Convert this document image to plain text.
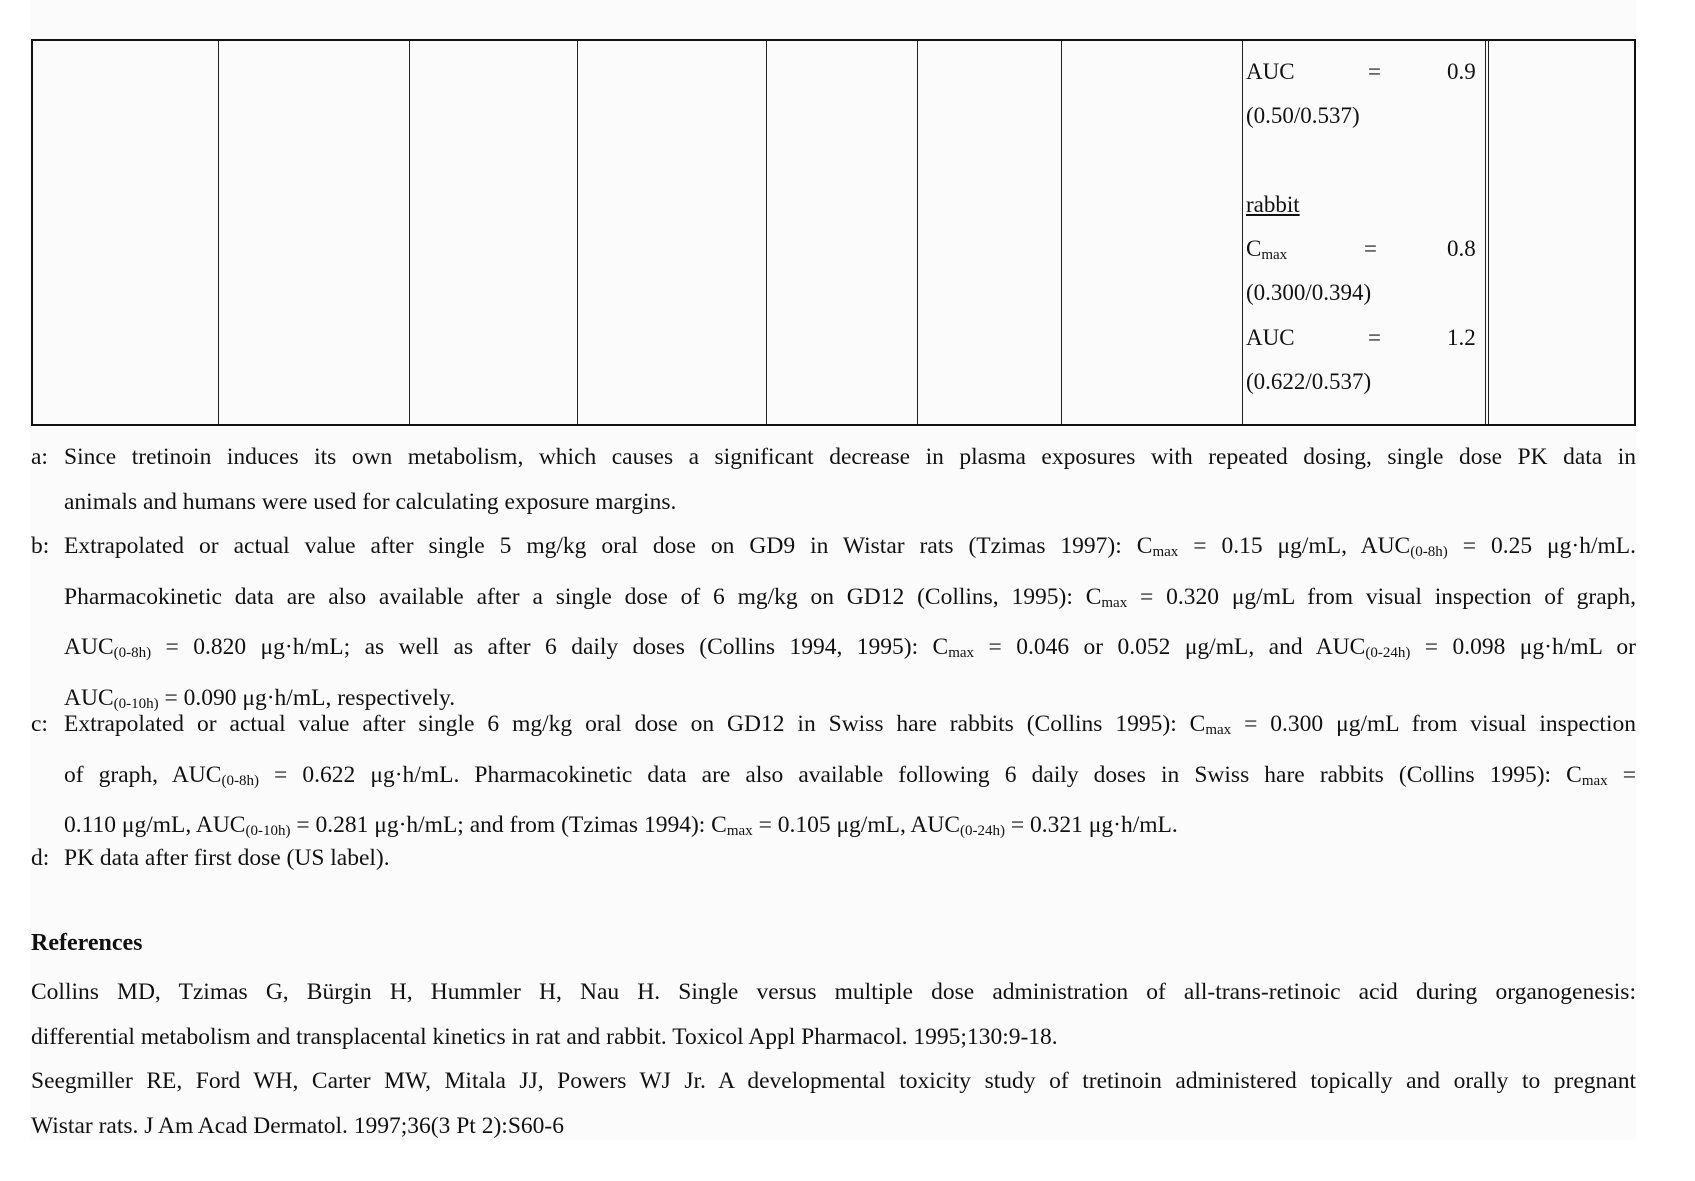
AUC	=	0.9
(0.50/0.537)
rabbit
$C_{max}$	=	0.8
(0.300/0.394)
AUC	=	1.2
(0.622/0.537)
a: Since tretinoin induces its own metabolism, which causes a significant decrease in plasma exposures with repeated dosing, single dose PK data in
animals and humans were used for calculating exposure margins.
b: Extrapolated or actual value after single 5 mg/kg oral dose on GD9 in Wistar rats (Tzimas 1997): $C_{max} = 0.15$ μg/mL, $AUC_{(0-8h)} = 0.25$ μg·h/mL.
Pharmacokinetic data are also available after a single dose of 6 mg/kg on GD12 (Collins, 1995): $C_{max} = 0.320$ μg/mL from visual inspection of graph,
$AUC_{(0-8h)} = 0.820$ μg·h/mL; as well as after 6 daily doses (Collins 1994, 1995): $C_{max} = 0.046$ or 0.052 μg/mL, and $AUC_{(0-24h)} = 0.098$ μg·h/mL or
$AUC_{(0-10h)} = 0.090$ μg·h/mL, respectively.
c: Extrapolated or actual value after single 6 mg/kg oral dose on GD12 in Swiss hare rabbits (Collins 1995): $C_{max} = 0.300$ μg/mL from visual inspection
of graph, $AUC_{(0-8h)} = 0.622$ μg·h/mL. Pharmacokinetic data are also available following 6 daily doses in Swiss hare rabbits (Collins 1995): $C_{max}$ =
0.110 μg/mL, $AUC_{(0-10h)} = 0.281$ μg·h/mL; and from (Tzimas 1994): $C_{max} = 0.105$ μg/mL, $AUC_{(0-24h)} = 0.321$ μg·h/mL.
d: PK data after first dose (US label).
References

Collins MD, Tzimas G, Bürgin H, Hummler H, Nau H. Single versus multiple dose administration of all-trans-retinoic acid during organogenesis:

differential metabolism and transplacental kinetics in rat and rabbit. Toxicol Appl Pharmacol. 1995;130:9-18.

Seegmiller RE, Ford WH, Carter MW, Mitala JJ, Powers WJ Jr. A developmental toxicity study of tretinoin administered topically and orally to pregnant

Wistar rats. J Am Acad Dermatol. 1997;36(3 Pt 2):S60-6
